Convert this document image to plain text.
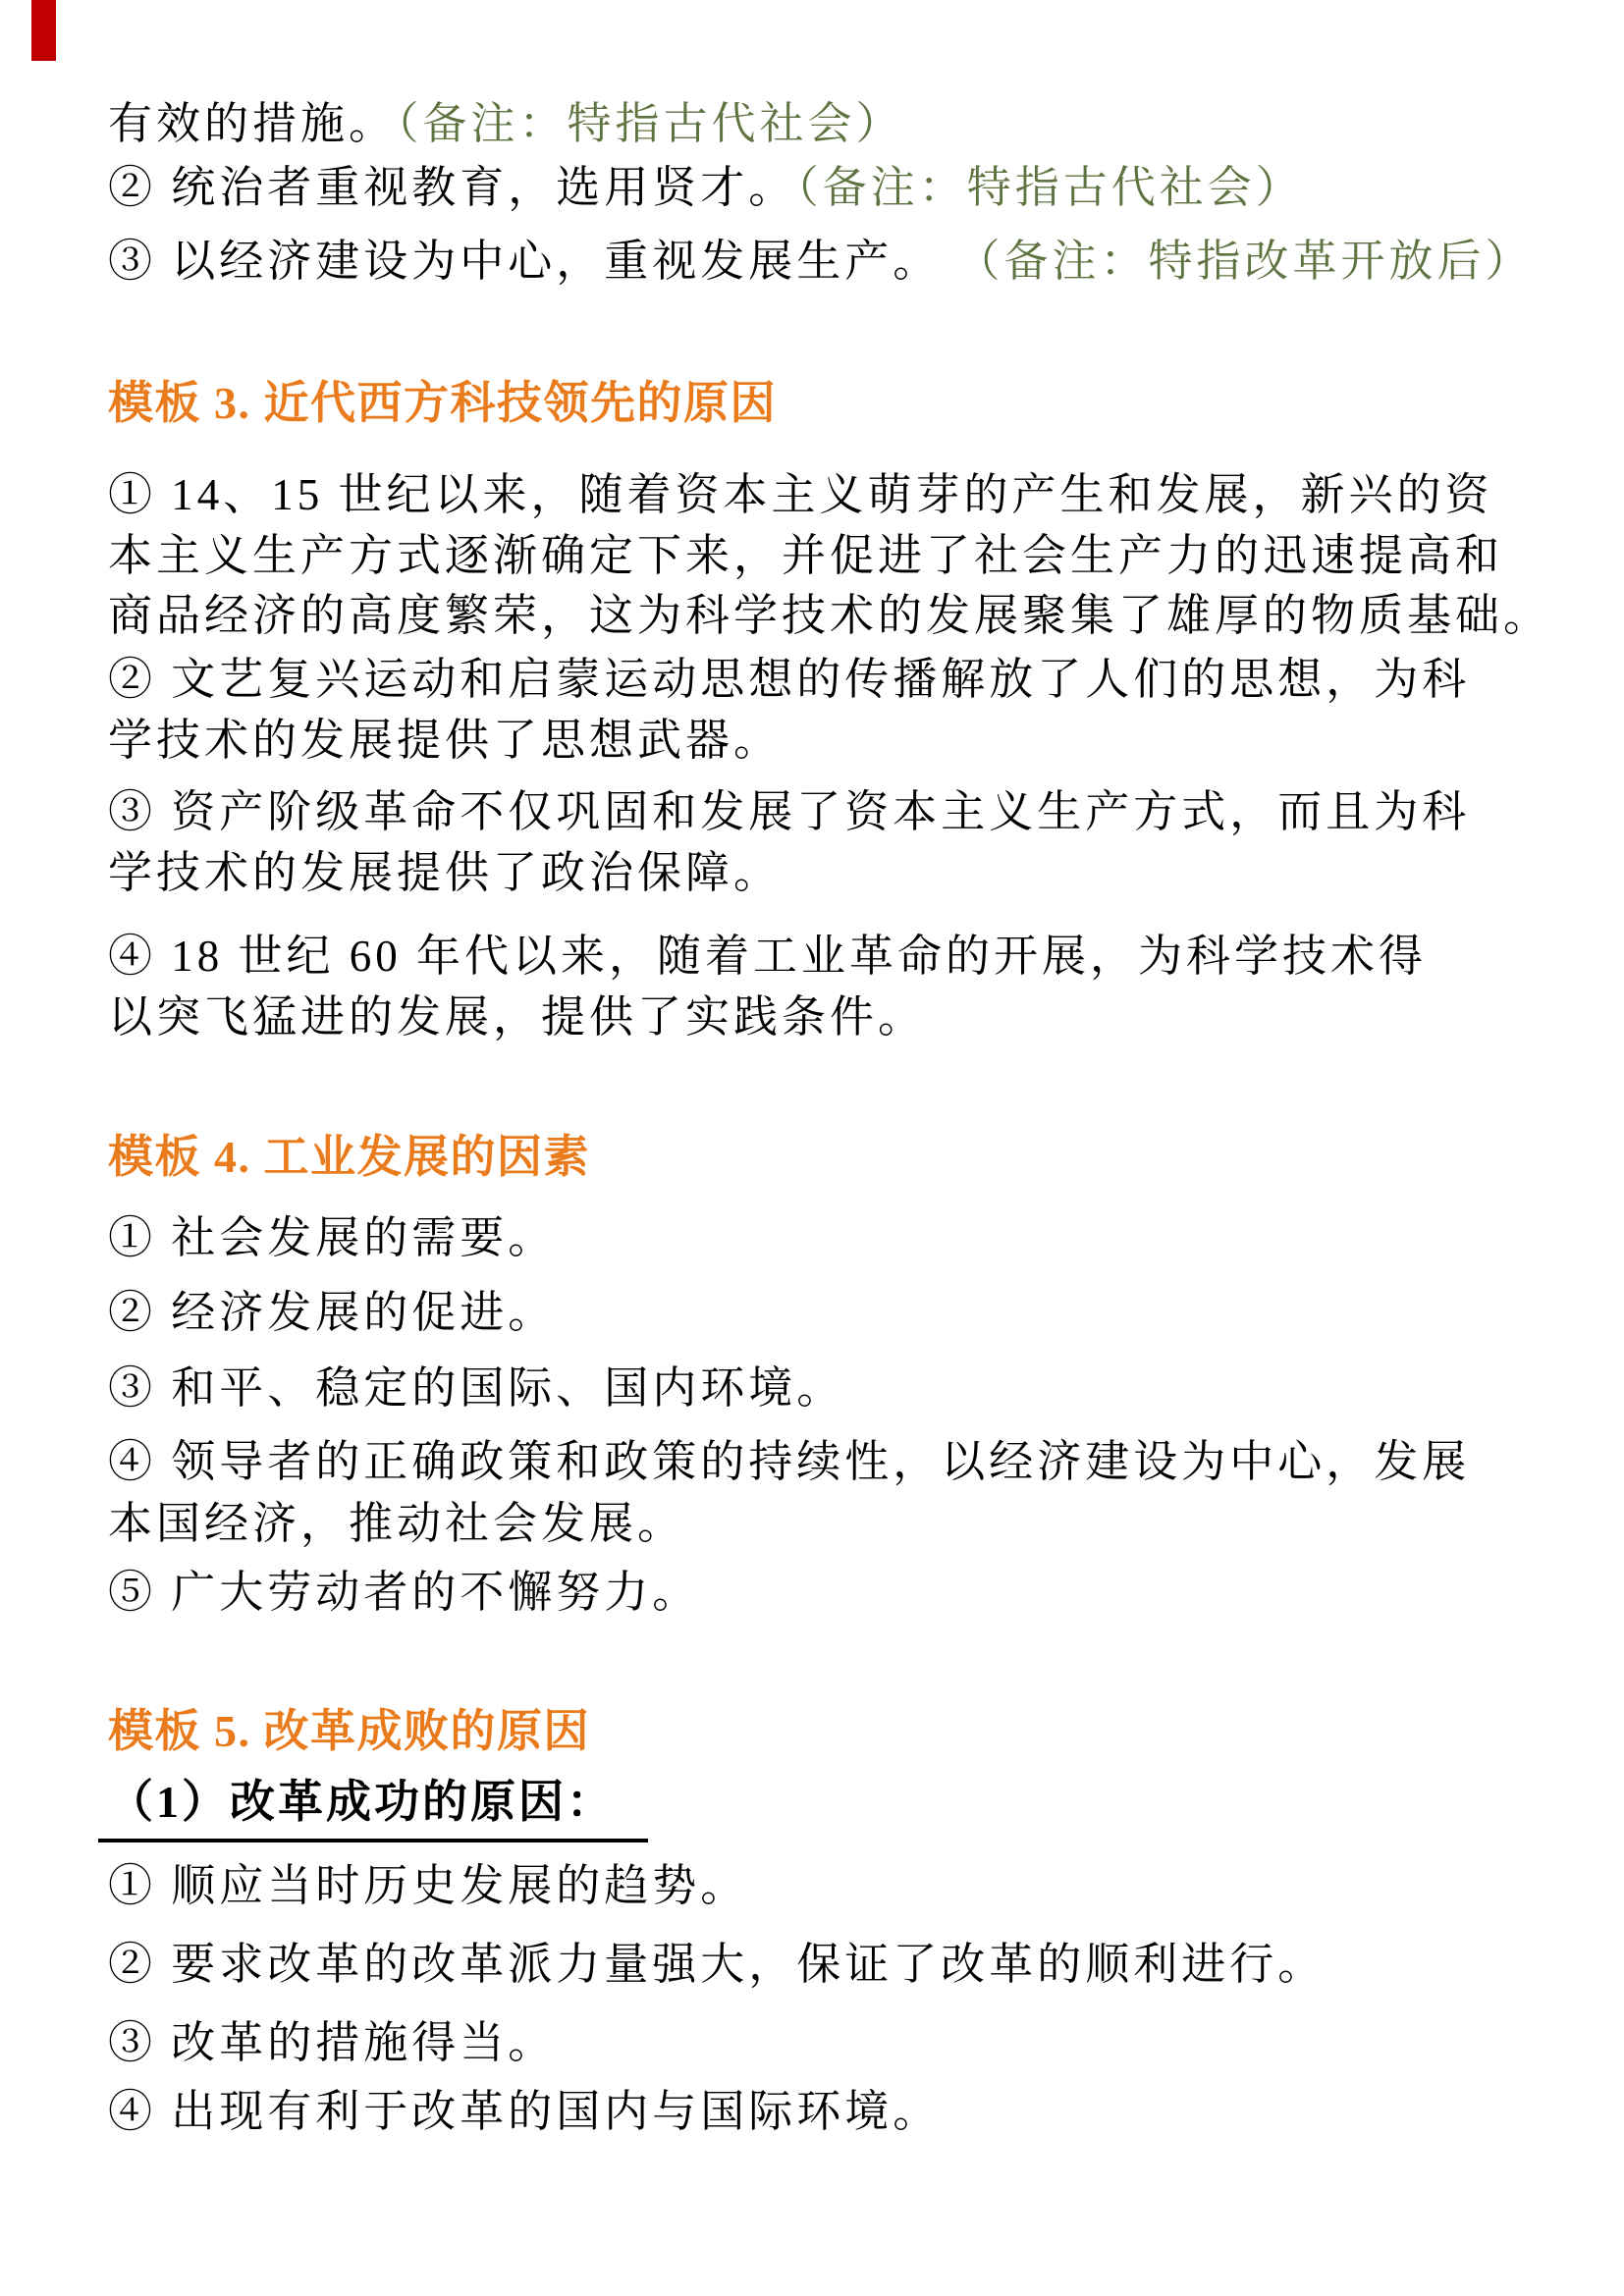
有效的措施。（备注：特指古代社会）
② 统治者重视教育，选用贤才。（备注：特指古代社会）
③ 以经济建设为中心，重视发展生产。 （备注：特指改革开放后）
模板 3. 近代西方科技领先的原因
① 14、15 世纪以来，随着资本主义萌芽的产生和发展，新兴的资
本主义生产方式逐渐确定下来，并促进了社会生产力的迅速提高和
商品经济的高度繁荣，这为科学技术的发展聚集了雄厚的物质基础。
② 文艺复兴运动和启蒙运动思想的传播解放了人们的思想，为科
学技术的发展提供了思想武器。
③ 资产阶级革命不仅巩固和发展了资本主义生产方式，而且为科
学技术的发展提供了政治保障。
④ 18 世纪 60 年代以来，随着工业革命的开展，为科学技术得
以突飞猛进的发展，提供了实践条件。
模板 4. 工业发展的因素
① 社会发展的需要。
② 经济发展的促进。
③ 和平、稳定的国际、国内环境。
④ 领导者的正确政策和政策的持续性，以经济建设为中心，发展
本国经济，推动社会发展。
⑤ 广大劳动者的不懈努力。
模板 5. 改革成败的原因
（1）改革成功的原因：
① 顺应当时历史发展的趋势。
② 要求改革的改革派力量强大，保证了改革的顺利进行。
③ 改革的措施得当。
④ 出现有利于改革的国内与国际环境。
